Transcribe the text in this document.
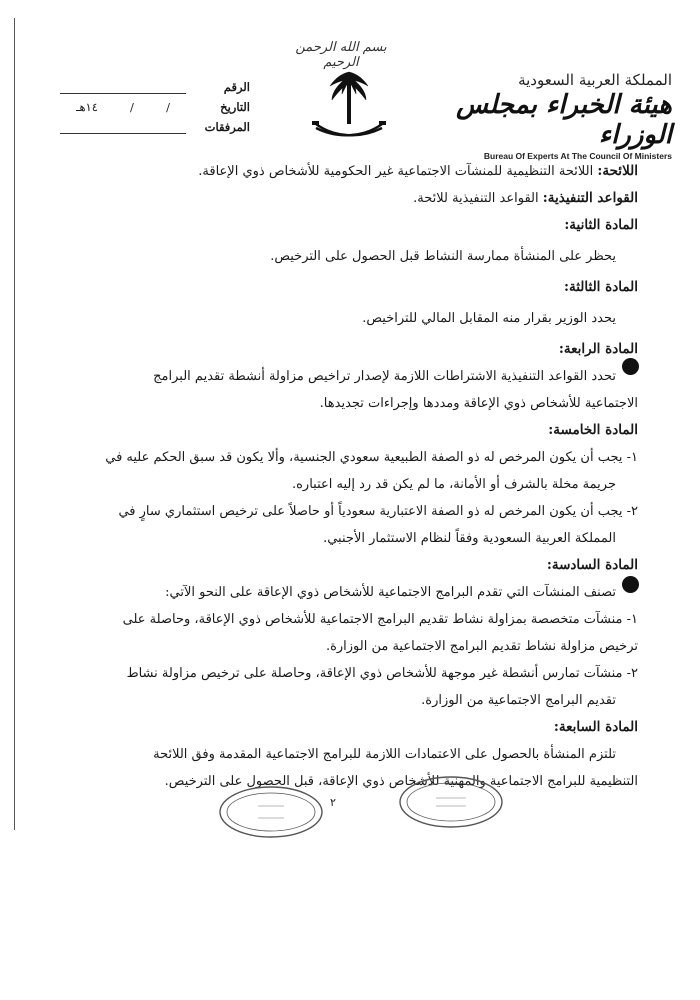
بسم الله الرحمن الرحيم
المملكة العربية السعودية
هيئة الخبراء بمجلس الوزراء
Bureau Of Experts At The Council Of Ministers
الرقم
التاريخ
/
/
١٤هـ
المرفقات
اللائحة: اللائحة التنظيمية للمنشآت الاجتماعية غير الحكومية للأشخاص ذوي الإعاقة.
القواعد التنفيذية: القواعد التنفيذية للائحة.
المادة الثانية:
يحظر على المنشأة ممارسة النشاط قبل الحصول على الترخيص.
المادة الثالثة:
يحدد الوزير بقرار منه المقابل المالي للتراخيص.
المادة الرابعة:
تحدد القواعد التنفيذية الاشتراطات اللازمة لإصدار تراخيص مزاولة أنشطة تقديم البرامج
الاجتماعية للأشخاص ذوي الإعاقة ومددها وإجراءات تجديدها.
المادة الخامسة:
١- يجب أن يكون المرخص له ذو الصفة الطبيعية سعودي الجنسية، وألا يكون قد سبق الحكم عليه في
جريمة مخلة بالشرف أو الأمانة، ما لم يكن قد رد إليه اعتباره.
٢- يجب أن يكون المرخص له ذو الصفة الاعتبارية سعودياً أو حاصلاً على ترخيص استثماري سارٍ في
المملكة العربية السعودية وفقاً لنظام الاستثمار الأجنبي.
المادة السادسة:
تصنف المنشآت التي تقدم البرامج الاجتماعية للأشخاص ذوي الإعاقة على النحو الآتي:
١- منشآت متخصصة بمزاولة نشاط تقديم البرامج الاجتماعية للأشخاص ذوي الإعاقة، وحاصلة على
ترخيص مزاولة نشاط تقديم البرامج الاجتماعية من الوزارة.
٢- منشآت تمارس أنشطة غير موجهة للأشخاص ذوي الإعاقة، وحاصلة على ترخيص مزاولة نشاط
تقديم البرامج الاجتماعية من الوزارة.
المادة السابعة:
تلتزم المنشأة بالحصول على الاعتمادات اللازمة للبرامج الاجتماعية المقدمة وفق اللائحة
التنظيمية للبرامج الاجتماعية والمهنية للأشخاص ذوي الإعاقة، قبل الحصول على الترخيص.
٢
